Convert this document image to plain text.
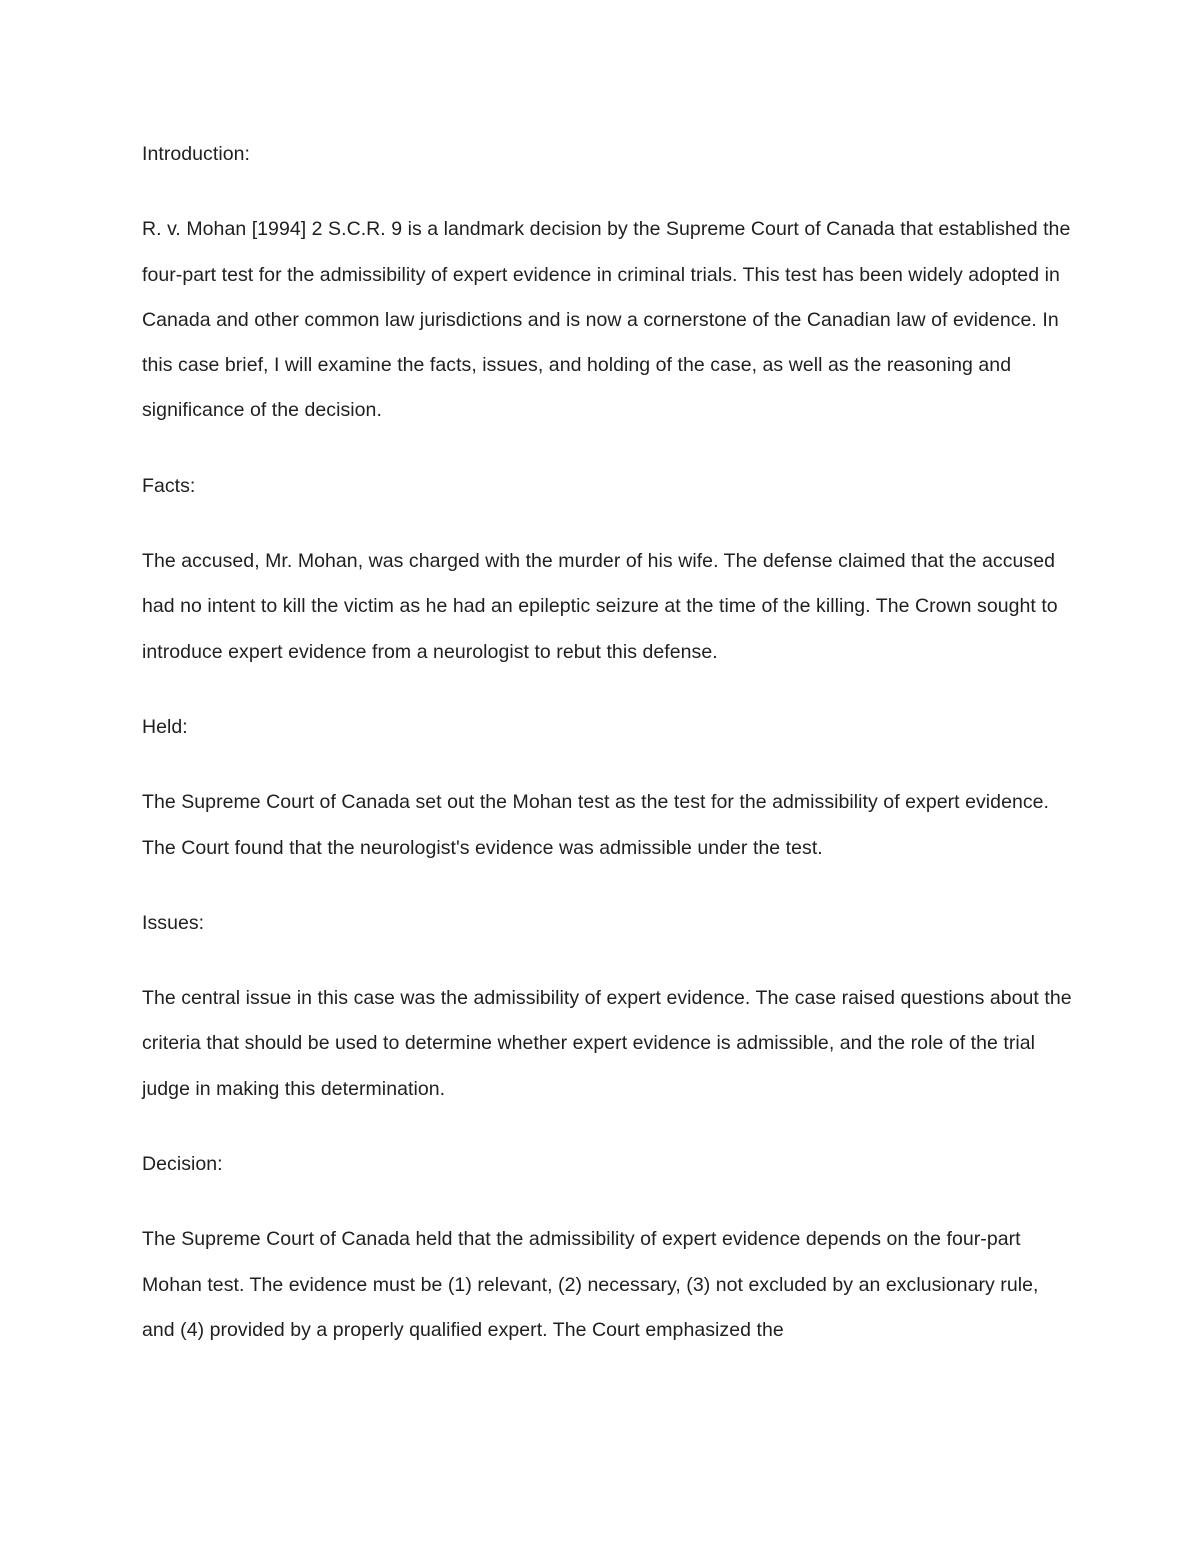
Introduction:

R. v. Mohan [1994] 2 S.C.R. 9 is a landmark decision by the Supreme Court of Canada that established the four-part test for the admissibility of expert evidence in criminal trials. This test has been widely adopted in Canada and other common law jurisdictions and is now a cornerstone of the Canadian law of evidence. In this case brief, I will examine the facts, issues, and holding of the case, as well as the reasoning and significance of the decision.

Facts:

The accused, Mr. Mohan, was charged with the murder of his wife. The defense claimed that the accused had no intent to kill the victim as he had an epileptic seizure at the time of the killing. The Crown sought to introduce expert evidence from a neurologist to rebut this defense.

Held:

The Supreme Court of Canada set out the Mohan test as the test for the admissibility of expert evidence. The Court found that the neurologist's evidence was admissible under the test.

Issues:

The central issue in this case was the admissibility of expert evidence. The case raised questions about the criteria that should be used to determine whether expert evidence is admissible, and the role of the trial judge in making this determination.

Decision:

The Supreme Court of Canada held that the admissibility of expert evidence depends on the four-part Mohan test. The evidence must be (1) relevant, (2) necessary, (3) not excluded by an exclusionary rule, and (4) provided by a properly qualified expert. The Court emphasized the
